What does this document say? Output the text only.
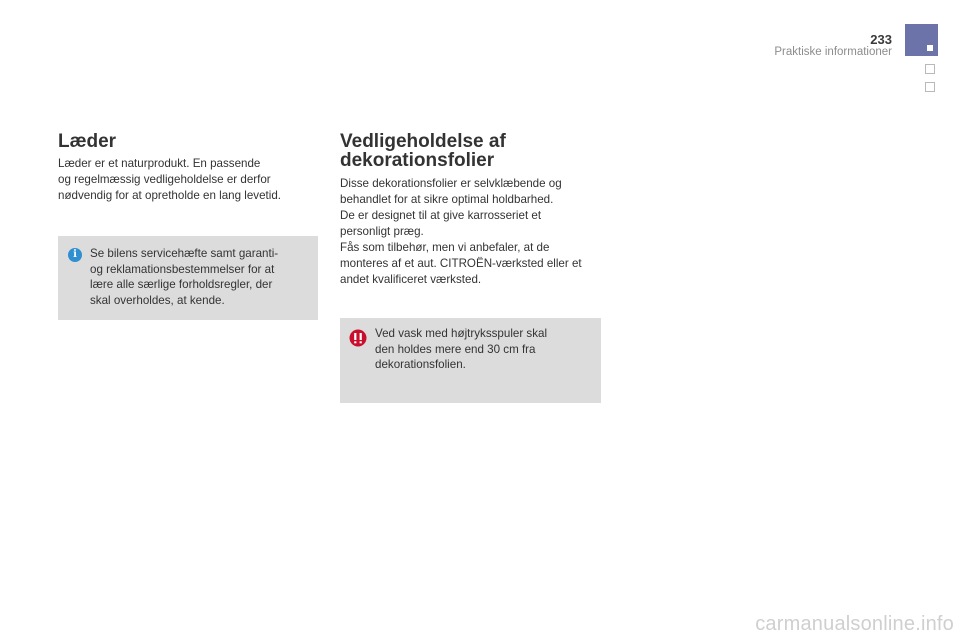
233
Praktiske informationer
Læder

Læder er et naturprodukt. En passende
og regelmæssig vedligeholdelse er derfor
nødvendig for at opretholde en lang levetid.

i	Se bilens servicehæfte samt garanti-
og reklamationsbestemmelser for at
lære alle særlige forholdsregler, der
skal overholdes, at kende.

Vedligeholdelse af
dekorationsfolier

Disse dekorationsfolier er selvklæbende og
behandlet for at sikre optimal holdbarhed.
De er designet til at give karrosseriet et
personligt præg.
Fås som tilbehør, men vi anbefaler, at de
monteres af et aut. CITROËN-værksted eller et
andet kvalificeret værksted.

Ved vask med højtryksspuler skal
den holdes mere end 30 cm fra
dekorationsfolien.

carmanualsonline.info
